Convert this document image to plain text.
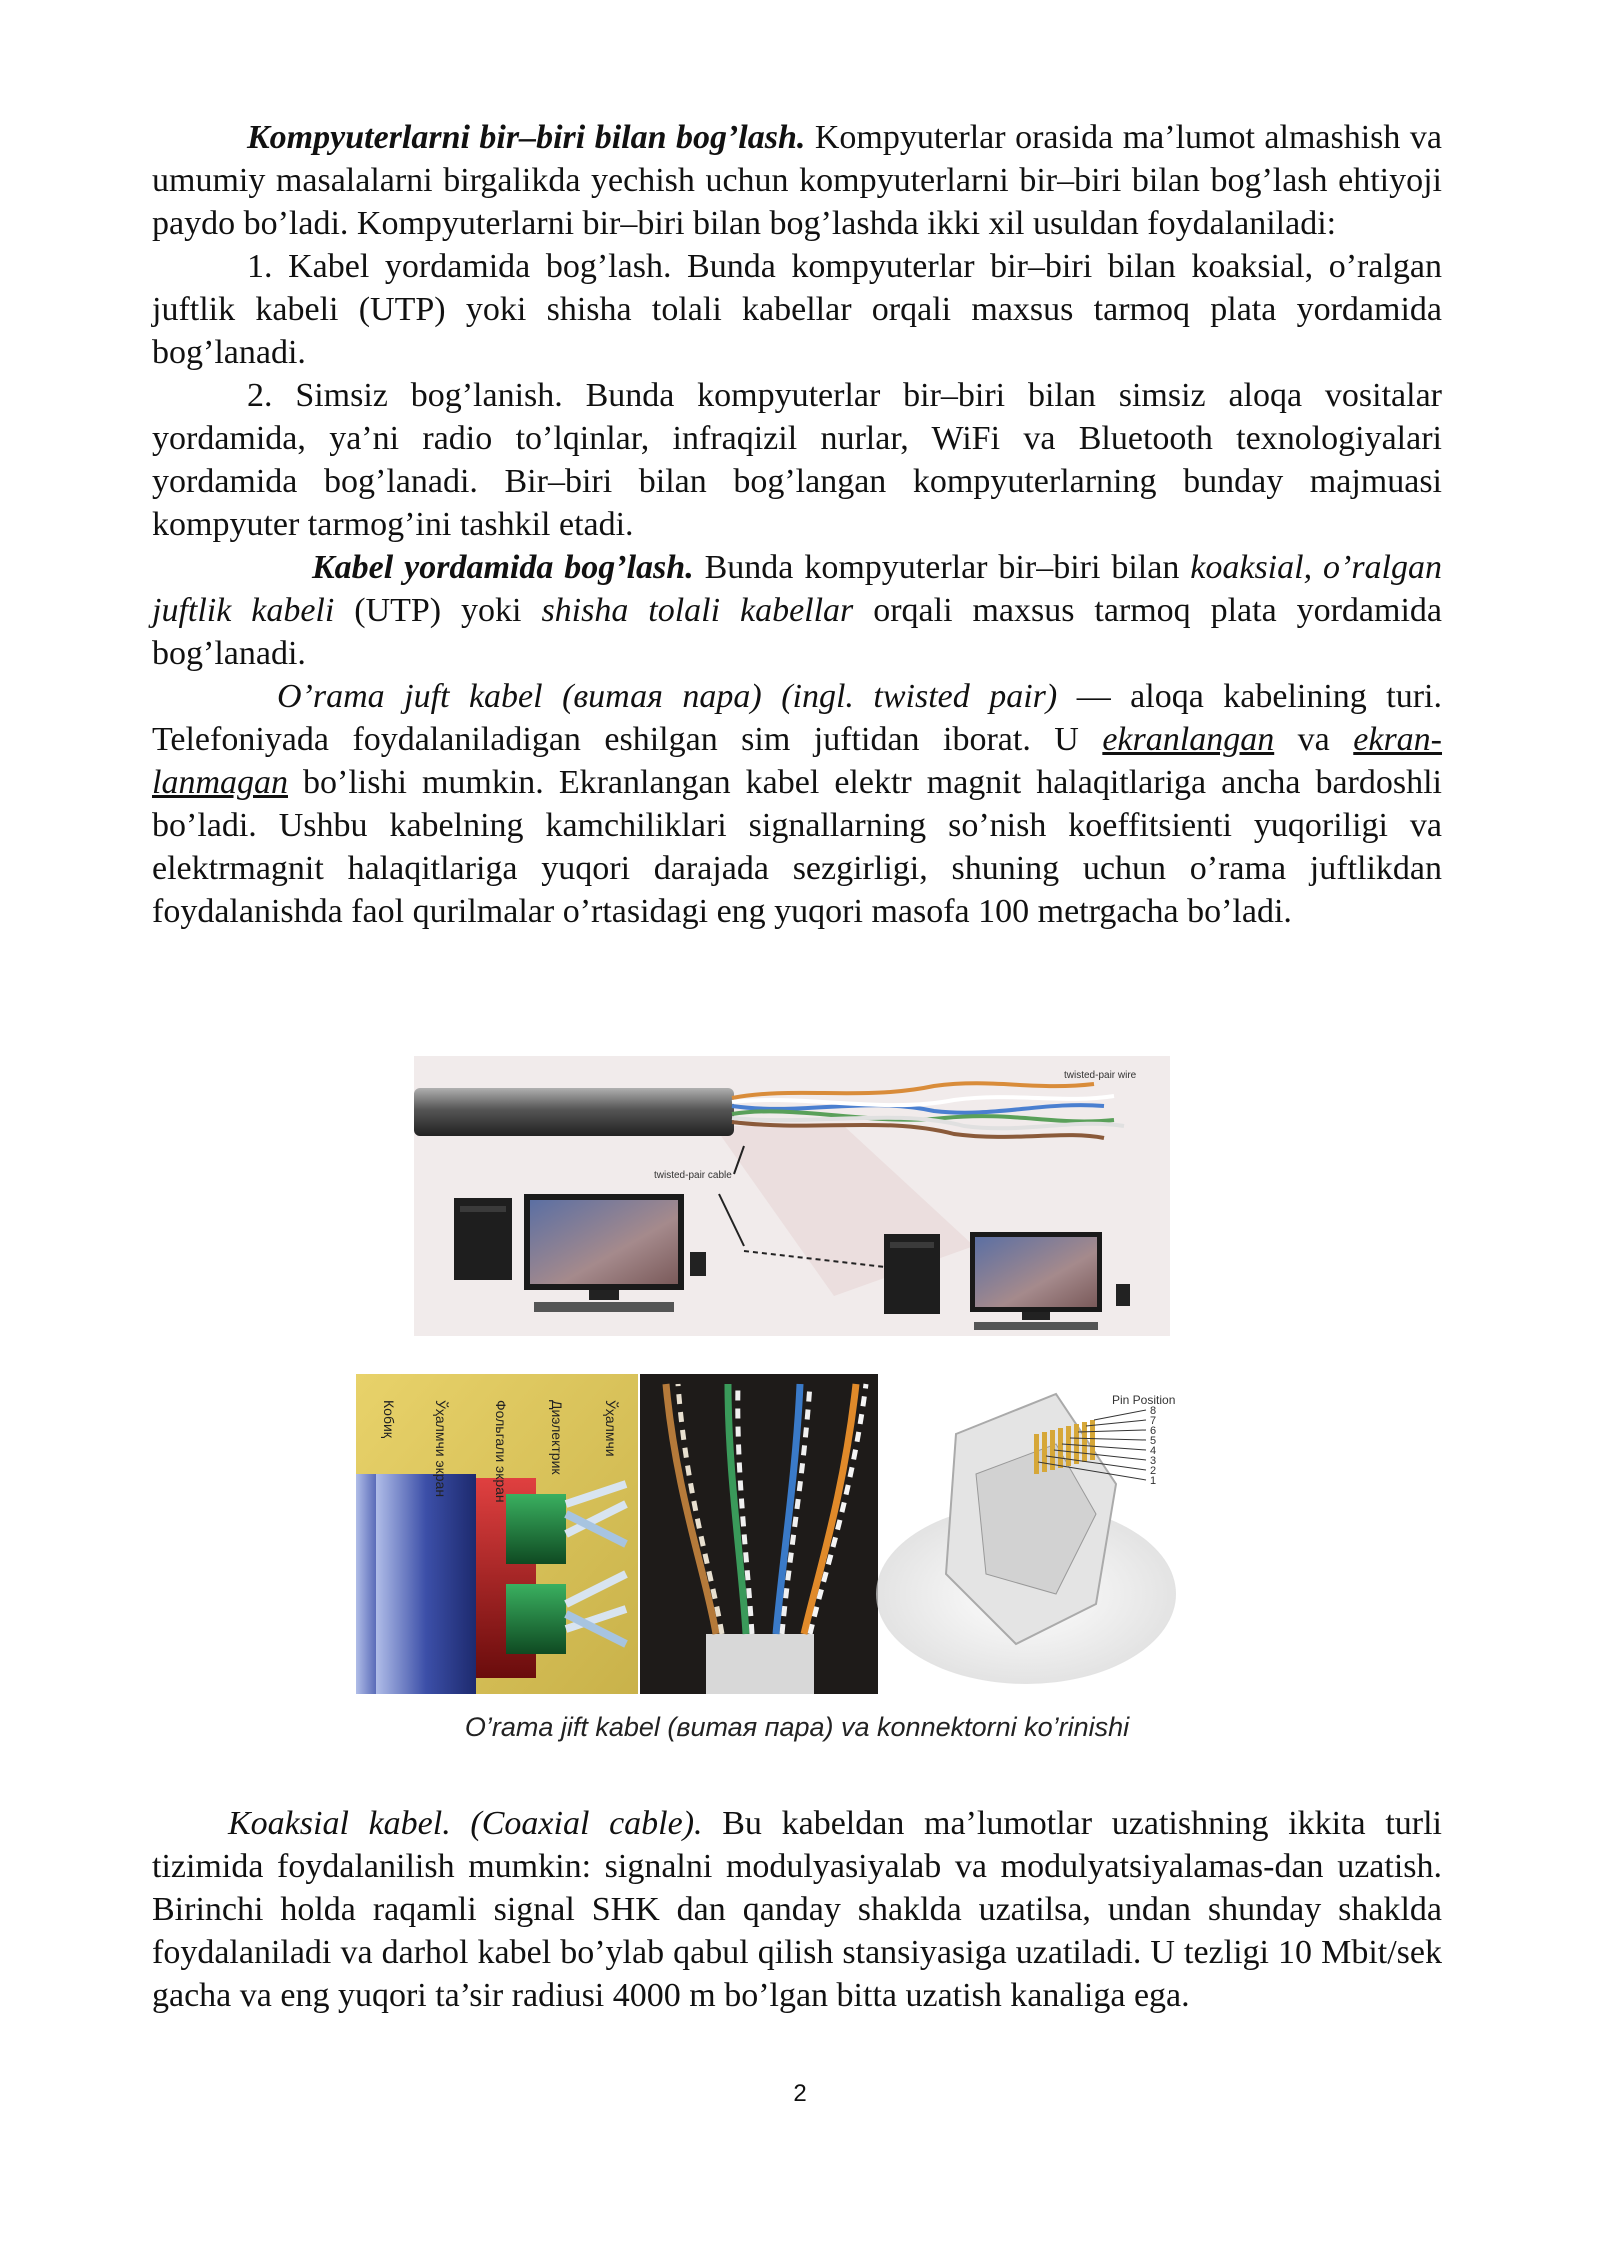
Kompyuterlarni bir–biri bilan bog’lash. Kompyuterlar orasida ma’lumot almashish va umumiy masalalarni birgalikda yechish uchun kompyuterlarni bir–biri bilan bog’lash ehtiyoji paydo bo’ladi. Kompyuterlarni bir–biri bilan bog’lashda ikki xil usuldan foydalaniladi:

1. Kabel yordamida bog’lash. Bunda kompyuterlar bir–biri bilan koaksial, o’ralgan juftlik kabeli (UTP) yoki shisha tolali kabellar orqali maxsus tarmoq plata yordamida bog’lanadi.

2. Simsiz bog’lanish. Bunda kompyuterlar bir–biri bilan simsiz aloqa vositalar yordamida, ya’ni radio to’lqinlar, infraqizil nurlar, WiFi va Bluetooth texnologiyalari yordamida bog’lanadi. Bir–biri bilan bog’langan kompyuterlarning bunday majmuasi kompyuter tarmog’ini tashkil etadi.

Kabel yordamida bog’lash. Bunda kompyuterlar bir–biri bilan koaksial, o’ralgan juftlik kabeli (UTP) yoki shisha tolali kabellar orqali maxsus tarmoq plata yordamida bog’lanadi.

O’rama juft kabel (витая пара) (ingl. twisted pair) — aloqa kabelining turi. Telefoniyada foydalaniladigan eshilgan sim juftidan iborat. U ekranlangan va ekran-lanmagan bo’lishi mumkin. Ekranlangan kabel elektr magnit halaqitlariga ancha bardoshli bo’ladi. Ushbu kabelning kamchiliklari signallarning so’nish koeffitsienti yuqoriligi va elektrmagnit halaqitlariga yuqori darajada sezgirligi, shuning uchun o’rama juftlikdan foydalanishda faol qurilmalar o’rtasidagi eng yuqori masofa 100 metrgacha bo’ladi.

twisted-pair wire
twisted-pair cable
Кобиқ	Ўҳалмчи экран	Фольгали экран	Диэлектрик	Ўҳалмчи	Pin Position
8
7
6
5
4
3
2
1
O’rama jift kabel (витая пара) va konnektorni ko’rinishi

Koaksial kabel. (Coaxial cable). Bu kabeldan ma’lumotlar uzatishning ikkita turli tizimida foydalanilish mumkin: signalni modulyasiyalab va modulyatsiyalamas-dan uzatish. Birinchi holda raqamli signal SHK dan qanday shaklda uzatilsa, undan shunday shaklda foydalaniladi va darhol kabel bo’ylab qabul qilish stansiyasiga uzatiladi. U tezligi 10 Mbit/sek gacha va eng yuqori ta’sir radiusi 4000 m bo’lgan bitta uzatish kanaliga ega.

2
